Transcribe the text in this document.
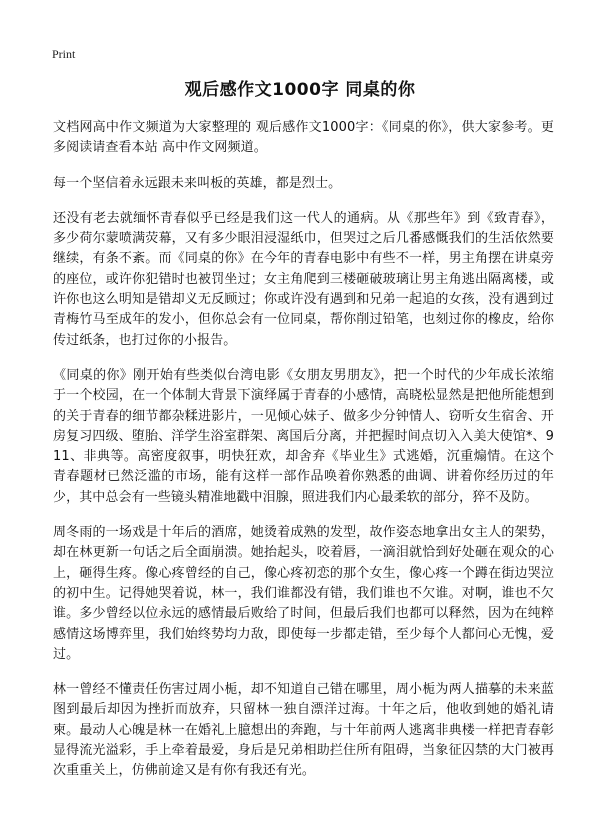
Print
观后感作文1000字 同桌的你

文档网高中作文频道为大家整理的 观后感作文1000字：《同桌的你》，供大家参考。更多阅读请查看本站 高中作文网频道。

每一个坚信着永远跟未来叫板的英雄，都是烈士。

还没有老去就缅怀青春似乎已经是我们这一代人的通病。从《那些年》到《致青春》，多少荷尔蒙喷满荧幕，又有多少眼泪浸湿纸巾，但哭过之后几番感慨我们的生活依然要继续，有条不紊。而《同桌的你》在今年的青春电影中有些不一样，男主角摆在讲桌旁的座位，或许你犯错时也被罚坐过；女主角爬到三楼砸破玻璃让男主角逃出隔离楼，或许你也这么明知是错却义无反顾过；你或许没有遇到和兄弟一起追的女孩，没有遇到过青梅竹马至成年的发小，但你总会有一位同桌，帮你削过铅笔，也刻过你的橡皮，给你传过纸条，也打过你的小报告。

《同桌的你》刚开始有些类似台湾电影《女朋友男朋友》，把一个时代的少年成长浓缩于一个校园，在一个体制大背景下演绎属于青春的小感情，高晓松显然是把他所能想到的关于青春的细节都杂糅进影片，一见倾心妹子、做多少分钟情人、窃听女生宿舍、开房复习四级、堕胎、洋学生浴室群架、离国后分离，并把握时间点切入入美大使馆*、911、非典等。高密度叙事，明快狂欢，却舍弃《毕业生》式逃婚，沉重煽情。在这个青春题材已然泛滥的市场，能有这样一部作品唤着你熟悉的曲调、讲着你经历过的年少，其中总会有一些镜头精准地戳中泪腺，照进我们内心最柔软的部分，猝不及防。

周冬雨的一场戏是十年后的酒席，她烫着成熟的发型，故作姿态地拿出女主人的架势，却在林更新一句话之后全面崩溃。她抬起头，咬着唇，一滴泪就恰到好处砸在观众的心上，砸得生疼。像心疼曾经的自己，像心疼初恋的那个女生，像心疼一个蹲在街边哭泣的初中生。记得她哭着说，林一，我们谁都没有错，我们谁也不欠谁。对啊，谁也不欠谁。多少曾经以位永远的感情最后败给了时间，但最后我们也都可以释然，因为在纯粹感情这场博弈里，我们始终势均力敌，即使每一步都走错，至少每个人都问心无愧，爱过。

林一曾经不懂责任伤害过周小栀，却不知道自己错在哪里，周小栀为两人描摹的未来蓝图到最后却因为挫折而放弃，只留林一独自漂洋过海。十年之后，他收到她的婚礼请柬。最动人心魄是林一在婚礼上臆想出的奔跑，与十年前两人逃离非典楼一样把青春彰显得流光溢彩，手上牵着最爱，身后是兄弟相助拦住所有阻碍，当象征囚禁的大门被再次重重关上，仿佛前途又是有你有我还有光。
